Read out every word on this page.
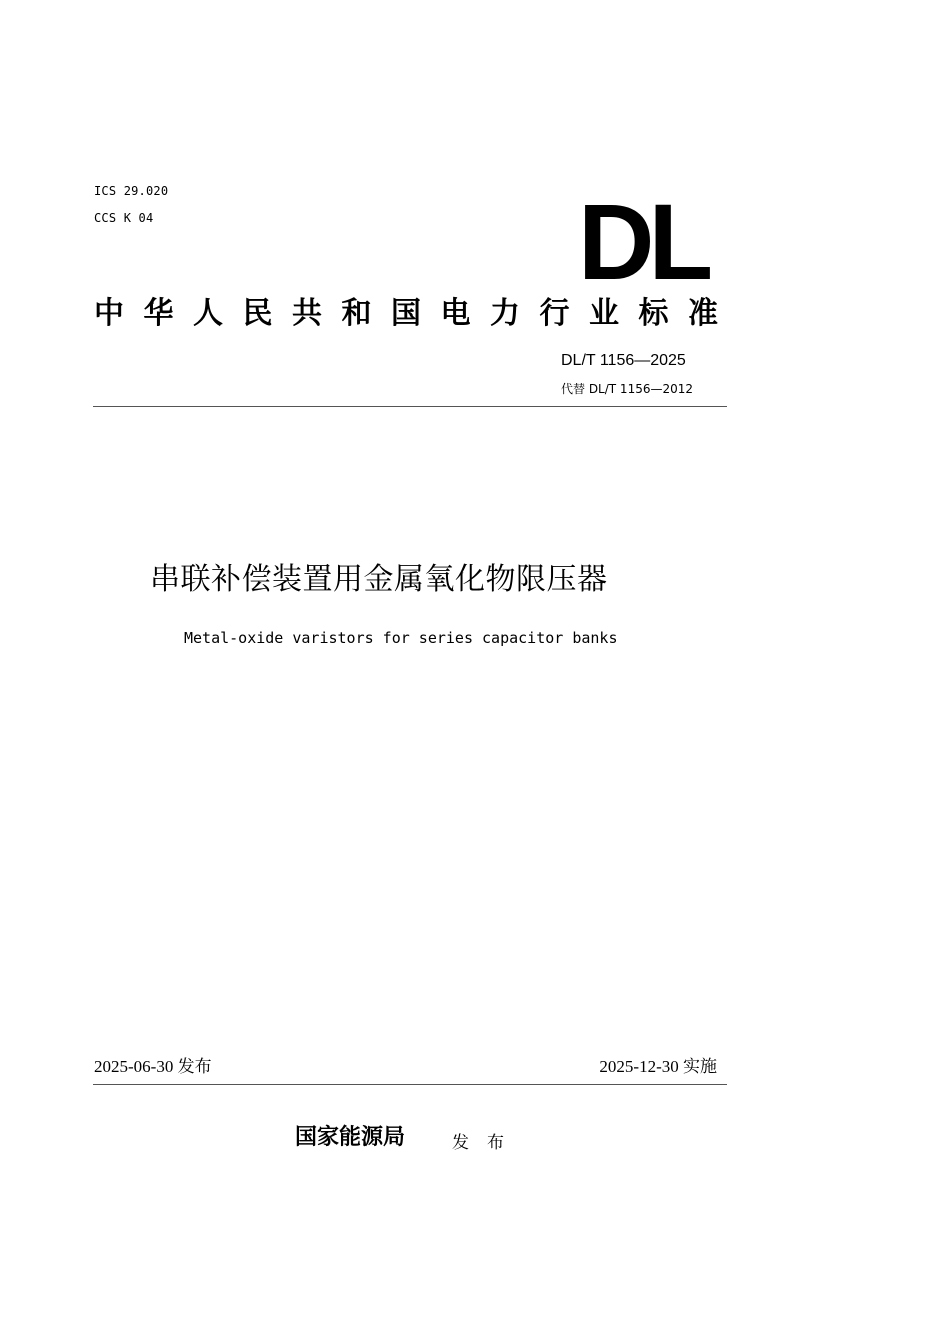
ICS 29.020
CCS K 04	DL
中 华 人 民 共 和 国 电 力 行 业 标 准
DL/T 1156—2025
代替 DL/T 1156—2012
串联补偿装置用金属氧化物限压器
Metal-oxide varistors for series capacitor banks
2025-06-30 发布	2025-12-30 实施
国家能源局	发布
